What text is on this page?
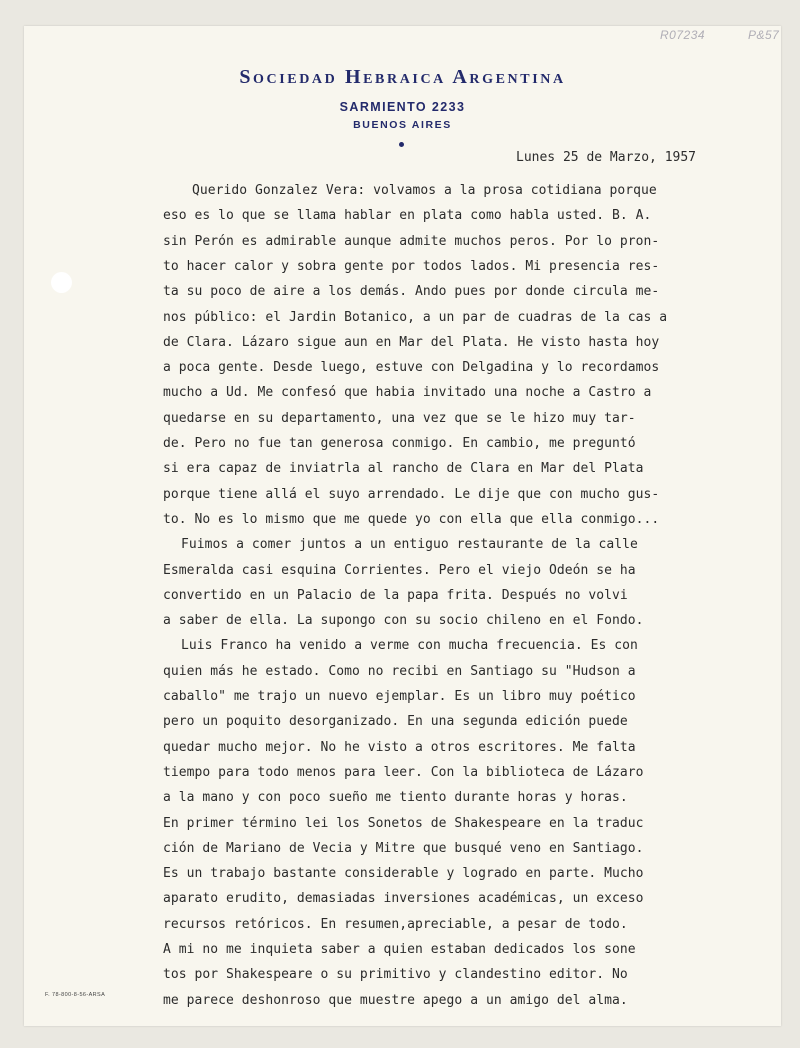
R07234	P&57
Sociedad Hebraica Argentina

SARMIENTO 2233

BUENOS AIRES

Lunes 25 de Marzo, 1957

Querido Gonzalez Vera: volvamos a la prosa cotidiana porque
eso es lo que se llama hablar en plata como habla usted. B. A.
sin Perón es admirable aunque admite muchos peros. Por lo pron-
to hacer calor y sobra gente por todos lados. Mi presencia res-
ta su poco de aire a los demás. Ando pues por donde circula me-
nos público: el Jardin Botanico, a un par de cuadras de la cas a
de Clara. Lázaro sigue aun en Mar del Plata. He visto hasta hoy
a poca gente. Desde luego, estuve con Delgadina y lo recordamos
mucho a Ud. Me confesó que habia invitado una noche a Castro a
quedarse en su departamento, una vez que se le hizo muy tar-
de. Pero no fue tan generosa conmigo. En cambio, me preguntó
si era capaz de inviatrla al rancho de Clara en Mar del Plata
porque tiene allá el suyo arrendado. Le dije que con mucho gus-
to. No es lo mismo que me quede yo con ella que ella conmigo...
Fuimos a comer juntos a un entiguo restaurante de la calle
Esmeralda casi esquina Corrientes. Pero el viejo Odeón se ha
convertido en un Palacio de la papa frita. Después no volvi
a saber de ella. La supongo con su socio chileno en el Fondo.
Luis Franco ha venido a verme con mucha frecuencia. Es con
quien más he estado. Como no recibi en Santiago su "Hudson a
caballo" me trajo un nuevo ejemplar. Es un libro muy poético
pero un poquito desorganizado. En una segunda edición puede
quedar mucho mejor. No he visto a otros escritores. Me falta
tiempo para todo menos para leer. Con la biblioteca de Lázaro
a la mano y con poco sueño me tiento durante horas y horas.
En primer término lei los Sonetos de Shakespeare en la traduc
ción de Mariano de Vecia y Mitre que busqué veno en Santiago.
Es un trabajo bastante considerable y logrado en parte. Mucho
aparato erudito, demasiadas inversiones académicas, un exceso
recursos retóricos. En resumen,apreciable, a pesar de todo.
A mi no me inquieta saber a quien estaban dedicados los sone
tos por Shakespeare o su primitivo y clandestino editor. No
me parece deshonroso que muestre apego a un amigo del alma.

F. 78-800-8-56-ARSA
